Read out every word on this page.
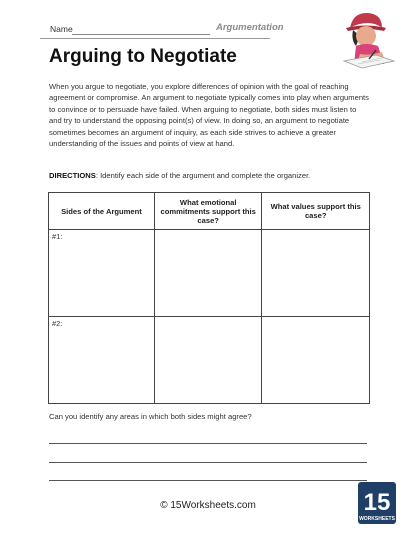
Name	Argumentation
Arguing to Negotiate

When you argue to negotiate, you explore differences of opinion with the goal of reaching agreement or compromise. An argument to negotiate typically comes into play when arguments to convince or to persuade have failed. When arguing to negotiate, both sides must listen to and try to understand the opposing point(s) of view. In doing so, an argument to negotiate sometimes becomes an argument of inquiry, as each side strives to achieve a greater understanding of the issues and points of view at hand.

DIRECTIONS: Identify each side of the argument and complete the organizer.

Sides of the Argument	What emotional commitments support this case?	What values support this case?
#1:		
#2:		

Can you identify any areas in which both sides might agree?

© 15Worksheets.com	15
WORKSHEETS
